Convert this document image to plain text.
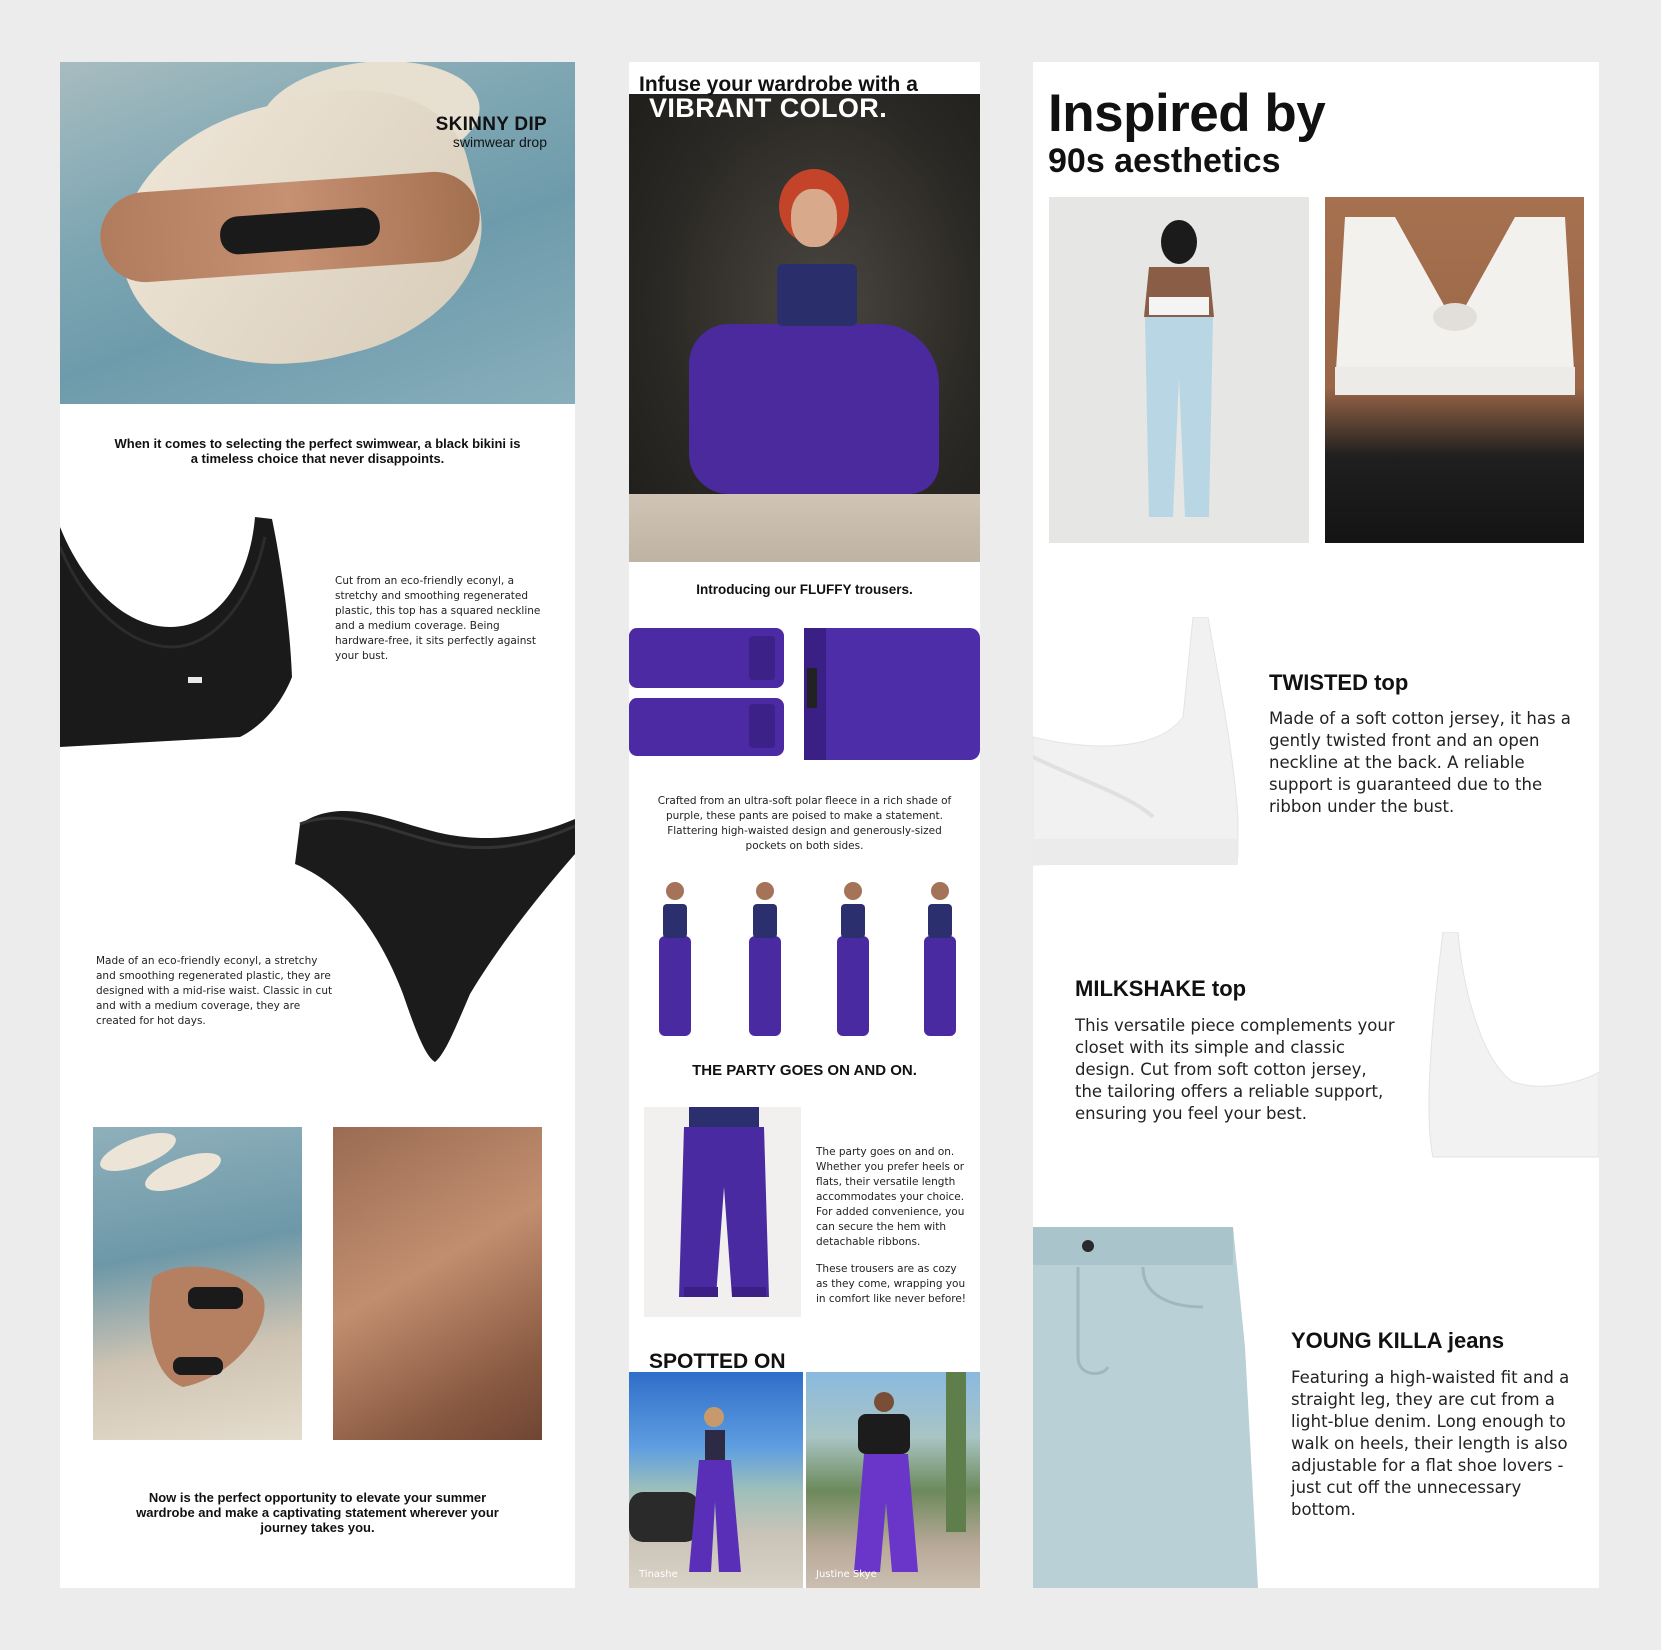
SKINNY DIP
swimwear drop
When it comes to selecting the perfect swimwear, a black bikini is a timeless choice that never disappoints.
Cut from an eco-friendly econyl, a stretchy and smoothing regenerated plastic, this top has a squared neckline and a medium coverage. Being hardware-free, it sits perfectly against your bust.
Made of an eco-friendly econyl, a stretchy and smoothing regenerated plastic, they are designed with a mid-rise waist. Classic in cut and with a medium coverage, they are created for hot days.
Now is the perfect opportunity to elevate your summer wardrobe and make a captivating statement wherever your journey takes you.
Infuse your wardrobe with a
VIBRANT COLOR.
Introducing our FLUFFY trousers.
Crafted from an ultra-soft polar fleece in a rich shade of purple, these pants are poised to make a statement. Flattering high-waisted design and generously-sized pockets on both sides.
THE PARTY GOES ON AND ON.
The party goes on and on. Whether you prefer heels or flats, their versatile length accommodates your choice. For added convenience, you can secure the hem with detachable ribbons.
These trousers are as cozy as they come, wrapping you in comfort like never before!
Tinashe	Justine Skye
SPOTTED ON
Inspired by
90s aesthetics
TWISTED top
Made of a soft cotton jersey, it has a gently twisted front and an open neckline at the back. A reliable support is guaranteed due to the ribbon under the bust.
MILKSHAKE top
This versatile piece complements your closet with its simple and classic design. Cut from soft cotton jersey, the tailoring offers a reliable support, ensuring you feel your best.
YOUNG KILLA jeans
Featuring a high-waisted fit and a straight leg, they are cut from a light-blue denim. Long enough to walk on heels, their length is also adjustable for a flat shoe lovers - just cut off the unnecessary bottom.
